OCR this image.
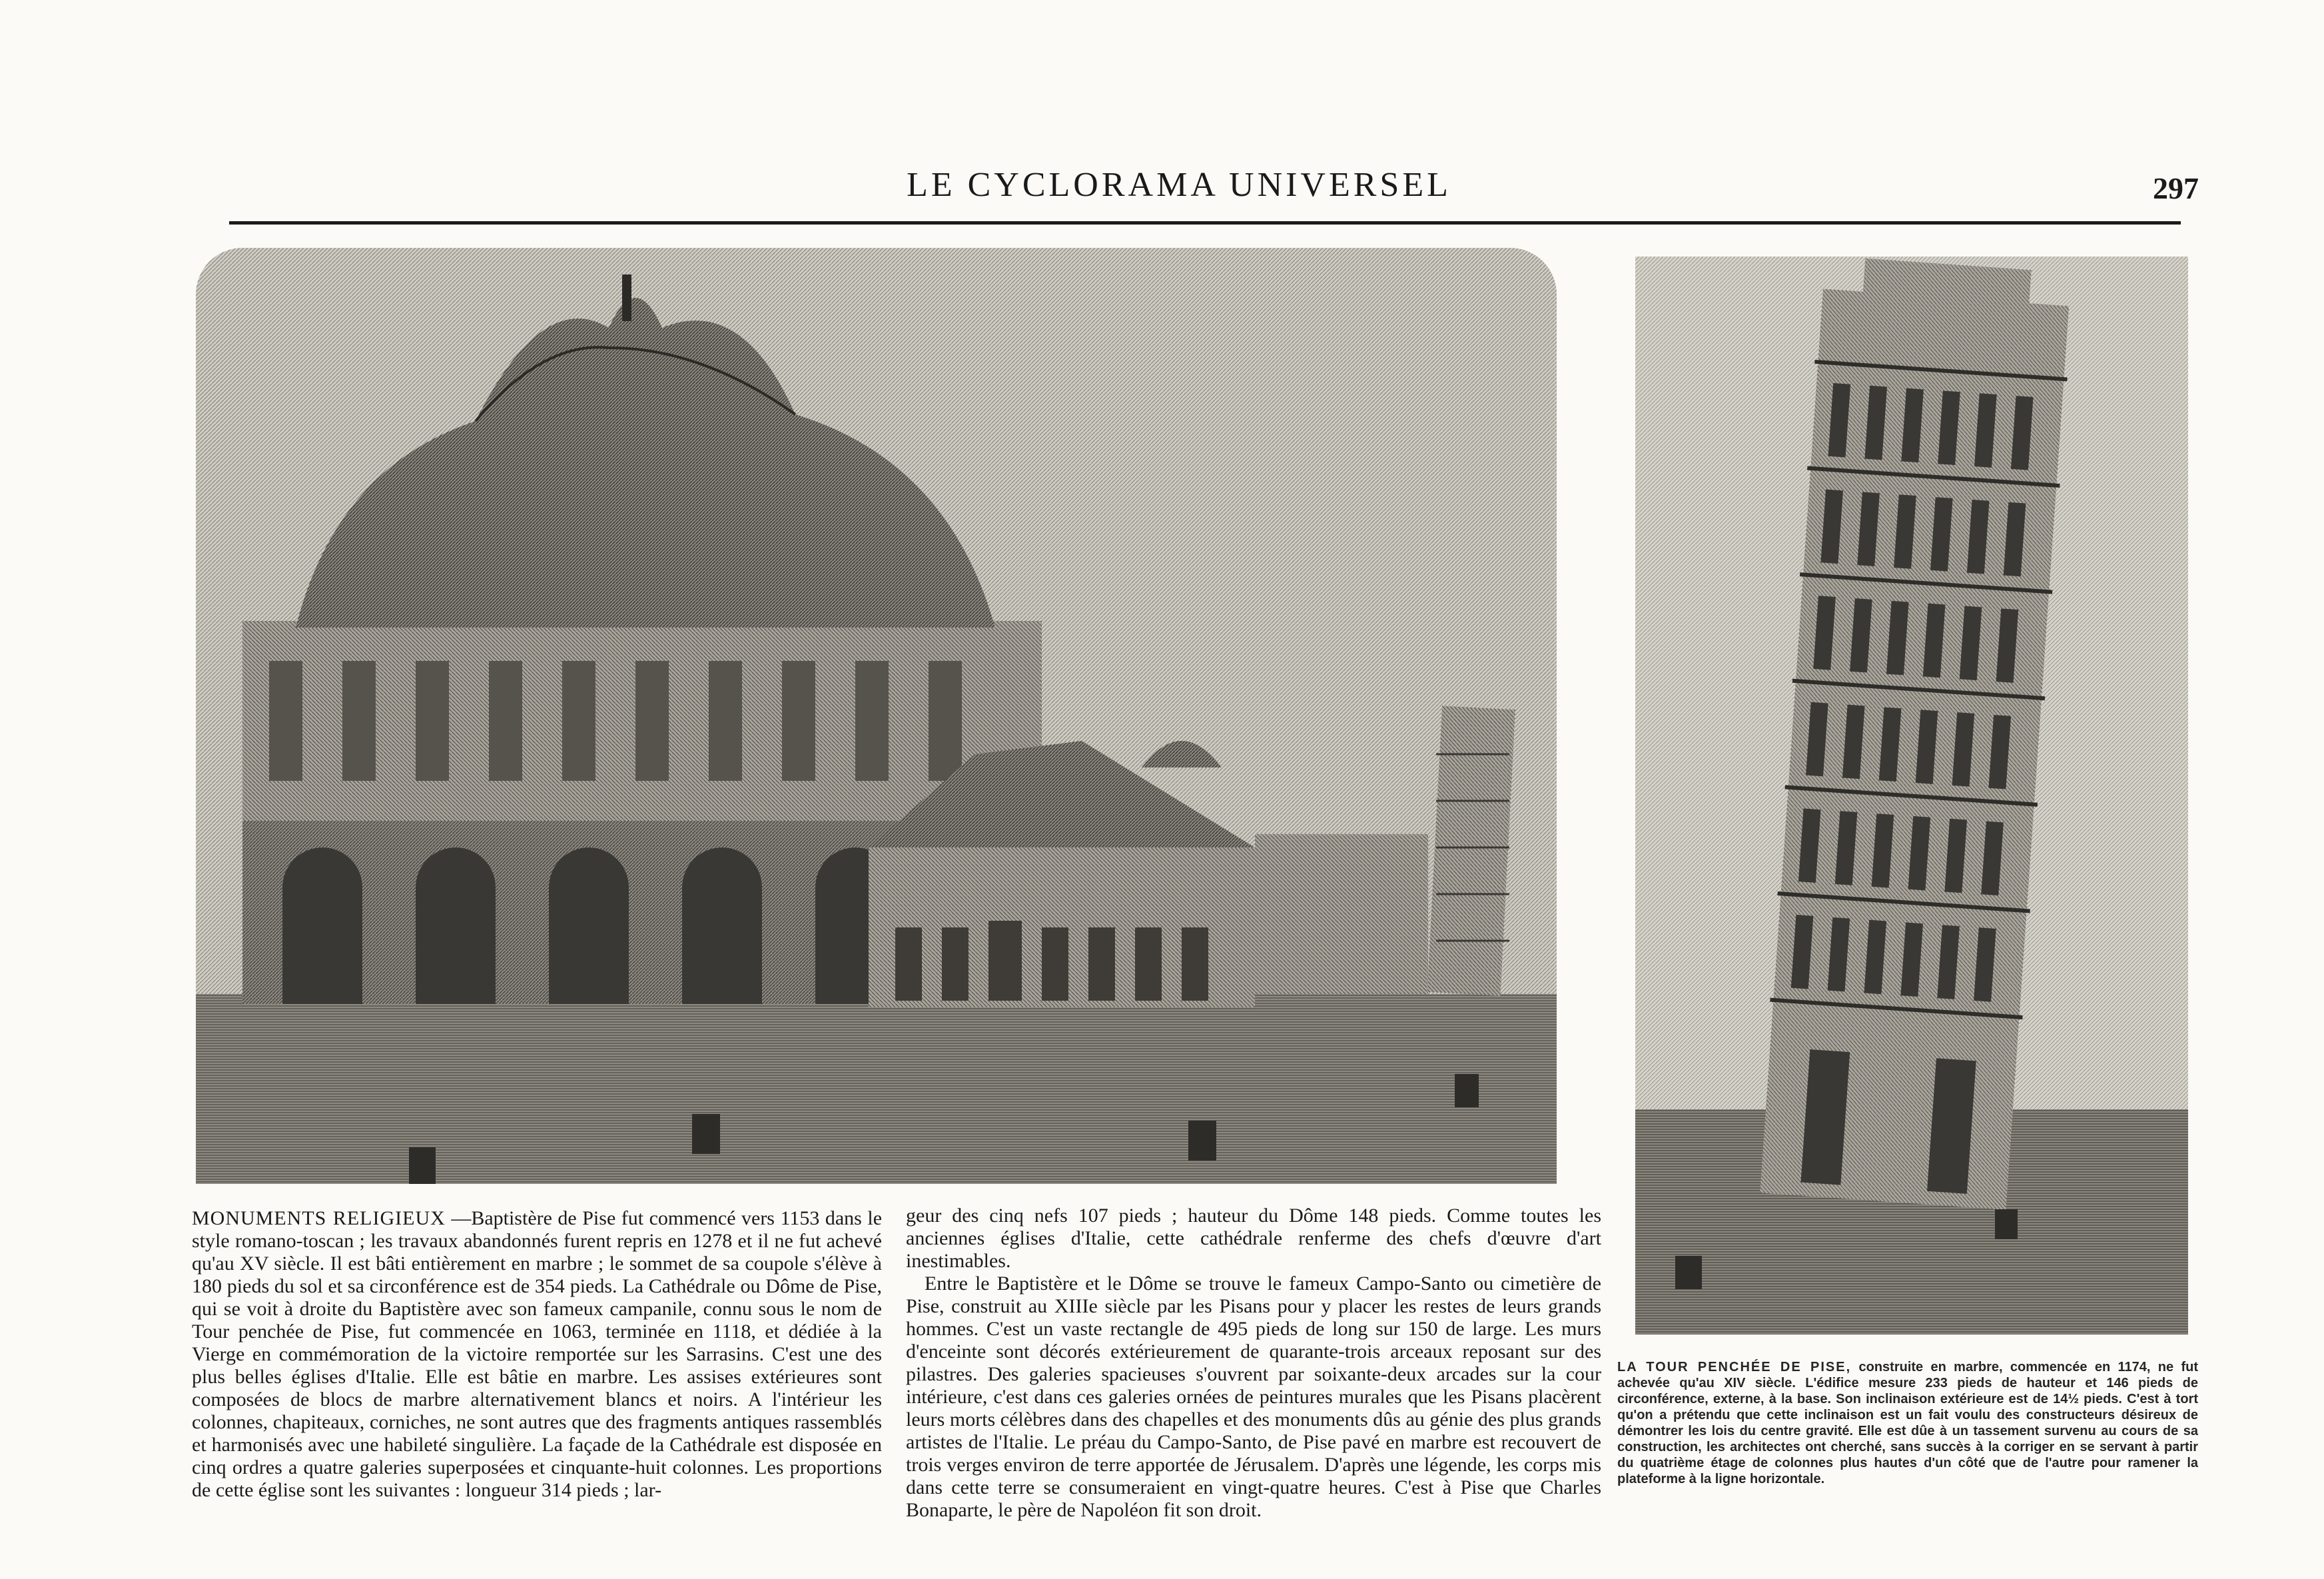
LE CYCLORAMA UNIVERSEL	297

MONUMENTS RELIGIEUX —Baptistère de Pise fut commencé vers 1153 dans le style romano-toscan ; les travaux abandonnés furent repris en 1278 et il ne fut achevé qu'au XV siècle. Il est bâti entièrement en marbre ; le sommet de sa coupole s'élève à 180 pieds du sol et sa circonférence est de 354 pieds. La Cathédrale ou Dôme de Pise, qui se voit à droite du Baptistère avec son fameux campanile, connu sous le nom de Tour penchée de Pise, fut commencée en 1063, terminée en 1118, et dédiée à la Vierge en commémoration de la victoire remportée sur les Sarrasins. C'est une des plus belles églises d'Italie. Elle est bâtie en marbre. Les assises extérieures sont composées de blocs de marbre alternativement blancs et noirs. A l'intérieur les colonnes, chapiteaux, corniches, ne sont autres que des fragments antiques rassemblés et harmonisés avec une habileté singulière. La façade de la Cathédrale est disposée en cinq ordres a quatre galeries superposées et cinquante-huit colonnes. Les proportions de cette église sont les suivantes : longueur 314 pieds ; lar-

geur des cinq nefs 107 pieds ; hauteur du Dôme 148 pieds. Comme toutes les anciennes églises d'Italie, cette cathédrale renferme des chefs d'œuvre d'art inestimables.

Entre le Baptistère et le Dôme se trouve le fameux Campo-Santo ou cimetière de Pise, construit au XIIIe siècle par les Pisans pour y placer les restes de leurs grands hommes. C'est un vaste rectangle de 495 pieds de long sur 150 de large. Les murs d'enceinte sont décorés extérieurement de quarante-trois arceaux reposant sur des pilastres. Des galeries spacieuses s'ouvrent par soixante-deux arcades sur la cour intérieure, c'est dans ces galeries ornées de peintures murales que les Pisans placèrent leurs morts célèbres dans des chapelles et des monuments dûs au génie des plus grands artistes de l'Italie. Le préau du Campo-Santo, de Pise pavé en marbre est recouvert de trois verges environ de terre apportée de Jérusalem. D'après une légende, les corps mis dans cette terre se consumeraient en vingt-quatre heures. C'est à Pise que Charles Bonaparte, le père de Napoléon fit son droit.

LA TOUR PENCHÉE DE PISE, construite en marbre, commencée en 1174, ne fut achevée qu'au XIV siècle. L'édifice mesure 233 pieds de hauteur et 146 pieds de circonférence, externe, à la base. Son inclinaison extérieure est de 14½ pieds. C'est à tort qu'on a prétendu que cette inclinaison est un fait voulu des constructeurs désireux de démontrer les lois du centre gravité. Elle est dûe à un tassement survenu au cours de sa construction, les architectes ont cherché, sans succès à la corriger en se servant à partir du quatrième étage de colonnes plus hautes d'un côté que de l'autre pour ramener la plateforme à la ligne horizontale.
